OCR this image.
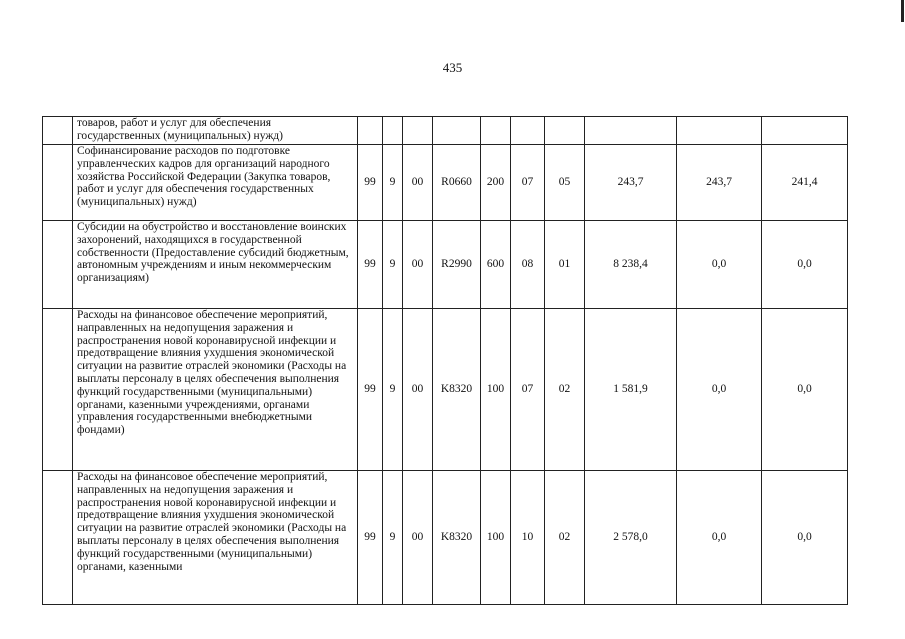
435
	товаров, работ и услуг для обеспечения государственных (муниципальных) нужд)										
	Софинансирование расходов по подготовке управленческих кадров для организаций народного хозяйства Российской Федерации (Закупка товаров, работ и услуг для обеспечения государственных (муниципальных) нужд)	99	9	00	R0660	200	07	05	243,7	243,7	241,4
	Субсидии на обустройство и восстановление воинских захоронений, находящихся в государственной собственности (Предоставление субсидий бюджетным, автономным учреждениям и иным некоммерческим организациям)	99	9	00	R2990	600	08	01	8 238,4	0,0	0,0
	Расходы на финансовое обеспечение мероприятий, направленных на недопущения заражения и распространения новой коронавирусной инфекции и предотвращение влияния ухудшения экономической ситуации на развитие отраслей экономики (Расходы на выплаты персоналу в целях обеспечения выполнения функций государственными (муниципальными) органами, казенными учреждениями, органами управления государственными внебюджетными фондами)	99	9	00	K8320	100	07	02	1 581,9	0,0	0,0
	Расходы на финансовое обеспечение мероприятий, направленных на недопущения заражения и распространения новой коронавирусной инфекции и предотвращение влияния ухудшения экономической ситуации на развитие отраслей экономики (Расходы на выплаты персоналу в целях обеспечения выполнения функций государственными (муниципальными) органами, казенными	99	9	00	K8320	100	10	02	2 578,0	0,0	0,0
